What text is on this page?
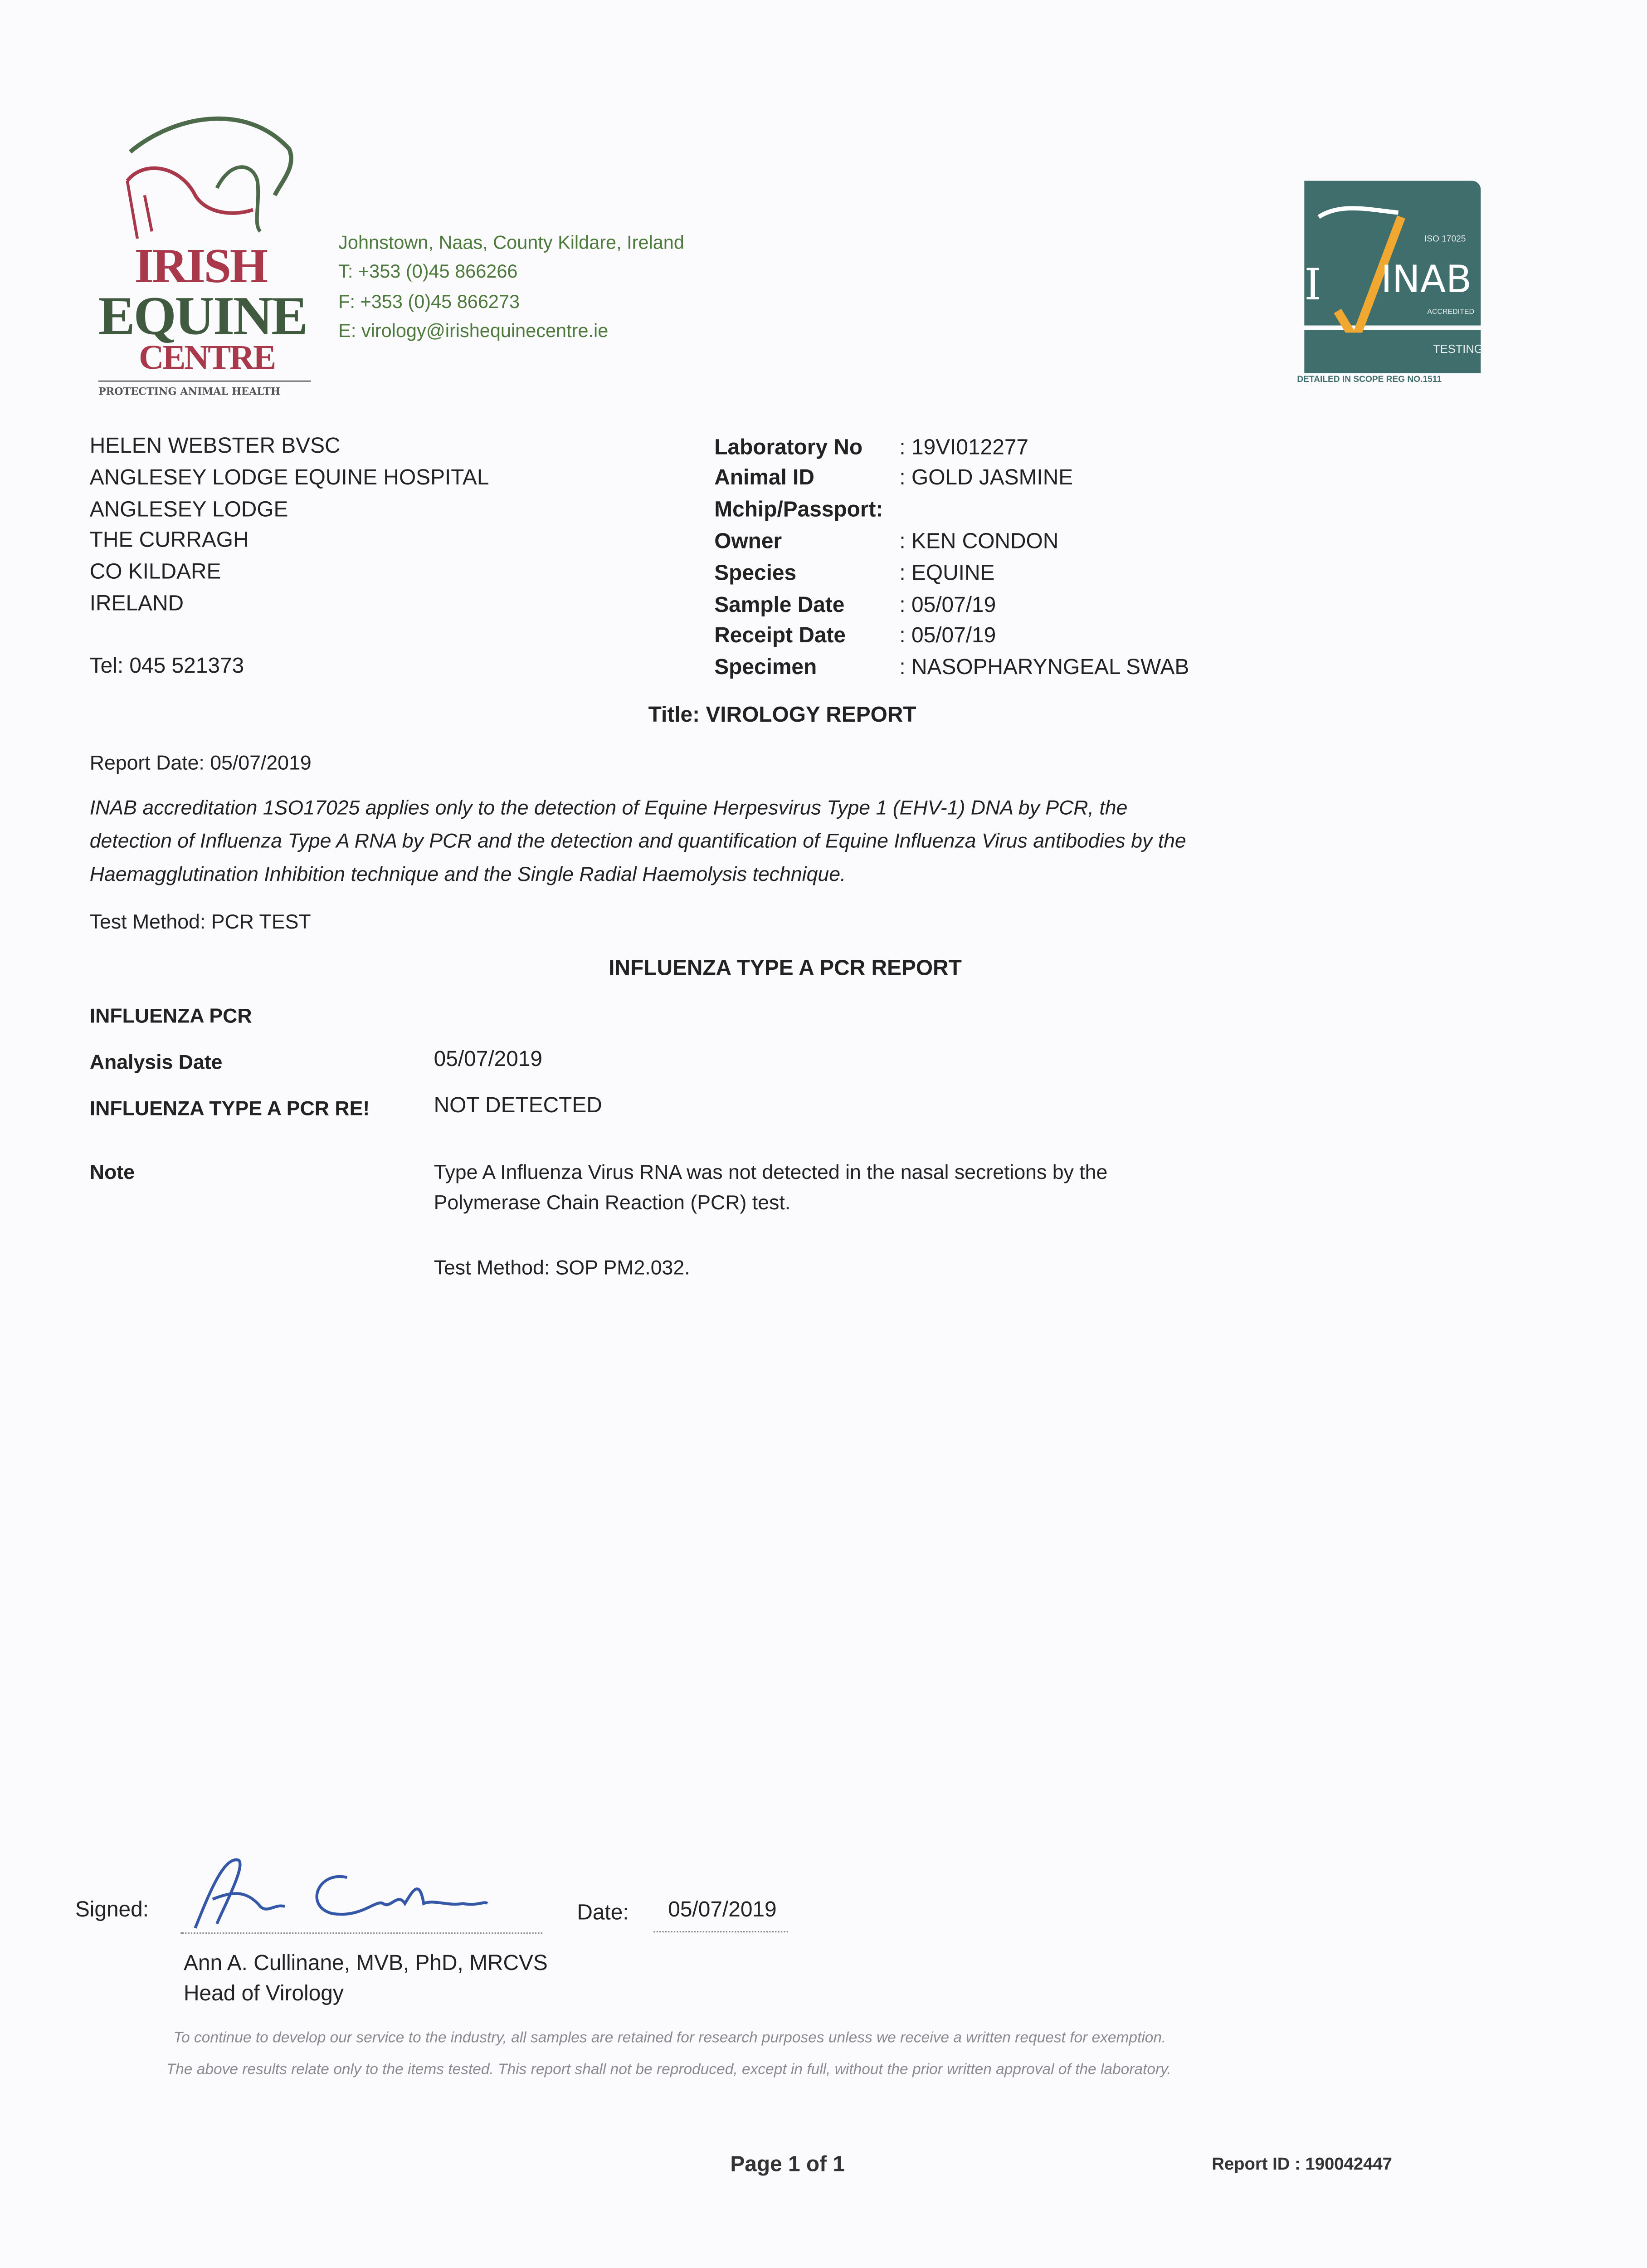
IRISH
EQUINE
CENTRE
PROTECTING ANIMAL HEALTH
Johnstown, Naas, County Kildare, Ireland
T: +353 (0)45 866266
F: +353 (0)45 866273
E: virology@irishequinecentre.ie
I	INAB
ISO 17025
ACCREDITED
TESTING
DETAILED IN SCOPE REG NO.1511
HELEN WEBSTER BVSC
ANGLESEY LODGE EQUINE HOSPITAL
ANGLESEY LODGE
THE CURRAGH
CO KILDARE
IRELAND
Tel: 045 521373
Laboratory No	: 19VI012277
Animal ID	: GOLD JASMINE
Mchip/Passport:
Owner	: KEN CONDON
Species	: EQUINE
Sample Date	: 05/07/19
Receipt Date	: 05/07/19
Specimen	: NASOPHARYNGEAL SWAB
Title: VIROLOGY REPORT
Report Date: 05/07/2019
INAB accreditation 1SO17025 applies only to the detection of Equine Herpesvirus Type 1 (EHV-1) DNA by PCR, the
detection of Influenza Type A RNA by PCR and the detection and quantification of Equine Influenza Virus antibodies by the
Haemagglutination Inhibition technique and the Single Radial Haemolysis technique.
Test Method: PCR TEST
INFLUENZA TYPE A PCR REPORT
INFLUENZA PCR
Analysis Date	05/07/2019
INFLUENZA TYPE A PCR RE!	NOT DETECTED
Note	Type A Influenza Virus RNA was not detected in the nasal secretions by the
Polymerase Chain Reaction (PCR) test.
Test Method: SOP PM2.032.
Signed:	Date:	05/07/2019
Ann A. Cullinane, MVB, PhD, MRCVS
Head of Virology
To continue to develop our service to the industry, all samples are retained for research purposes unless we receive a written request for exemption.
The above results relate only to the items tested. This report shall not be reproduced, except in full, without the prior written approval of the laboratory.
Page 1 of 1	Report ID : 190042447
